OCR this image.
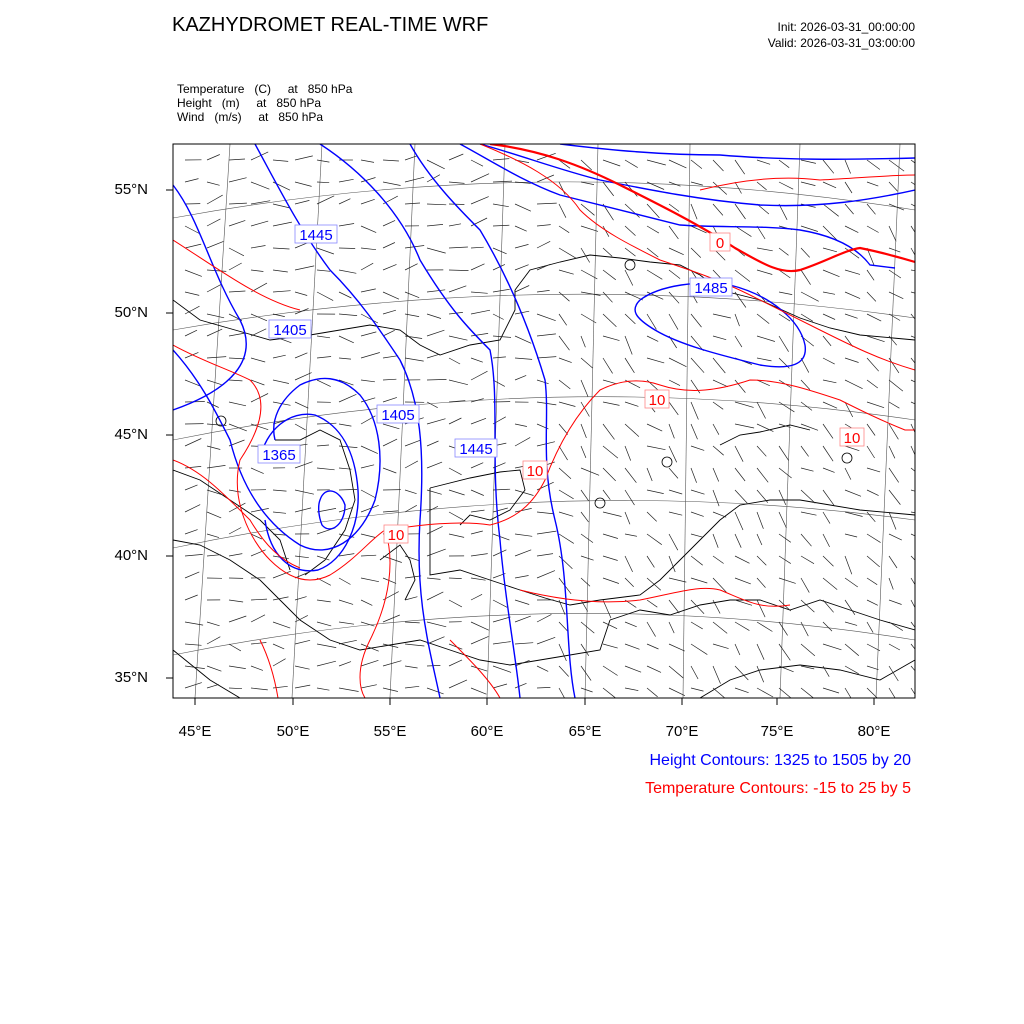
KAZHYDROMET REAL-TIME WRF	Init: 2026-03-31_00:00:00
Valid: 2026-03-31_03:00:00
Temperature   (C)     at   850 hPa
Height   (m)     at   850 hPa
Wind   (m/s)     at   850 hPa
1445
1405
1405
1365	1445
1485
0
10
10
10
10
55°N
50°N
45°N
40°N
35°N
45°E	50°E	55°E	60°E	65°E	70°E	75°E	80°E
Height Contours: 1325 to 1505 by 20
Temperature Contours: -15 to 25 by 5
